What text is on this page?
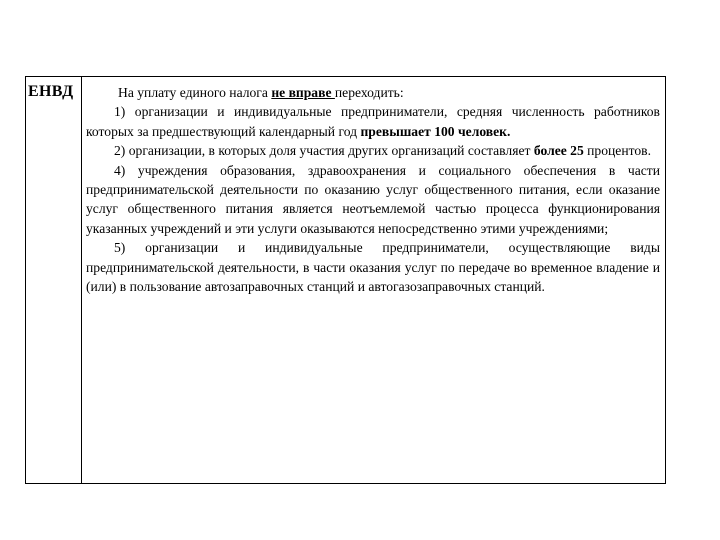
ЕНВД	На уплату единого налога не вправе переходить:

1) организации и индивидуальные предприниматели, средняя численность работников которых за предшествующий календарный год превышает 100 человек.

2) организации, в которых доля участия других организаций составляет более 25 процентов.

4) учреждения образования, здравоохранения и социального обеспечения в части предпринимательской деятельности по оказанию услуг общественного питания, если оказание услуг общественного питания является неотъемлемой частью процесса функционирования указанных учреждений и эти услуги оказываются непосредственно этими учреждениями;

5) организации и индивидуальные предприниматели, осуществляющие виды предпринимательской деятельности, в части оказания услуг по передаче во временное владение и (или) в пользование автозаправочных станций и автогазозаправочных станций.
